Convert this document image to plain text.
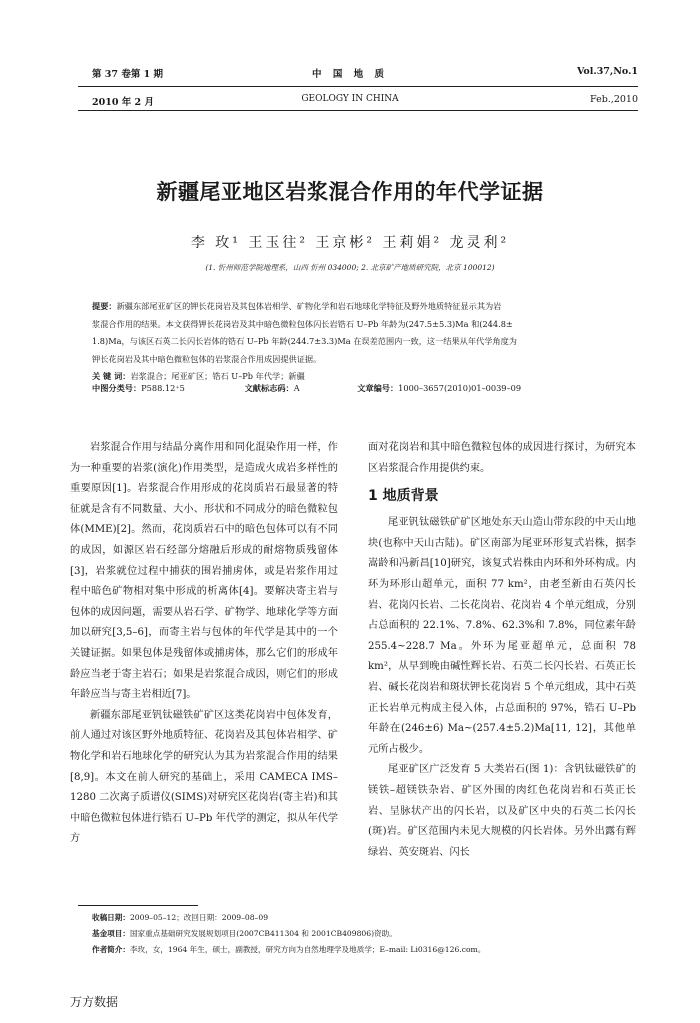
第 37 卷第 1 期
2010 年 2 月
中 国 地 质
GEOLOGY IN CHINA
Vol.37,No.1
Feb.,2010
新疆尾亚地区岩浆混合作用的年代学证据
李 玫¹ 王玉往² 王京彬² 王莉娟² 龙灵利²
(1. 忻州师范学院地理系，山西 忻州 034000; 2. 北京矿产地质研究院，北京 100012)
提要：新疆东部尾亚矿区的钾长花岗岩及其包体岩相学、矿物化学和岩石地球化学特征及野外地质特征显示其为岩
浆混合作用的结果。本文获得钾长花岗岩及其中暗色微粒包体闪长岩锆石 U–Pb 年龄为(247.5±5.3)Ma 和(244.8±
1.8)Ma，与该区石英二长闪长岩体的锆石 U–Pb 年龄(244.7±3.3)Ma 在误差范围内一致，这一结果从年代学角度为
钾长花岗岩及其中暗色微粒包体的岩浆混合作用成因提供证据。
关 键 词：岩浆混合；尾亚矿区；锆石 U–Pb 年代学；新疆
中图分类号：P588.12⁺5	文献标志码：A	文章编号：1000–3657(2010)01–0039–09

岩浆混合作用与结晶分离作用和同化混染作用一样，作为一种重要的岩浆(演化)作用类型，是造成火成岩多样性的重要原因[1]。岩浆混合作用形成的花岗质岩石最显著的特征就是含有不同数量、大小、形状和不同成分的暗色微粒包体(MME)[2]。然而，花岗质岩石中的暗色包体可以有不同的成因，如源区岩石经部分熔融后形成的耐熔物质残留体[3]，岩浆就位过程中捕获的围岩捕虏体，或是岩浆作用过程中暗色矿物相对集中形成的析离体[4]。要解决寄主岩与包体的成因问题，需要从岩石学、矿物学、地球化学等方面加以研究[3,5–6]，而寄主岩与包体的年代学是其中的一个关键证据。如果包体是残留体或捕虏体，那么它们的形成年龄应当老于寄主岩石；如果是岩浆混合成因，则它们的形成年龄应当与寄主岩相近[7]。

新疆东部尾亚钒钛磁铁矿矿区这类花岗岩中包体发育，前人通过对该区野外地质特征、花岗岩及其包体岩相学、矿物化学和岩石地球化学的研究认为其为岩浆混合作用的结果[8,9]。本文在前人研究的基础上，采用 CAMECA IMS–1280 二次离子质谱仪(SIMS)对研究区花岗岩(寄主岩)和其中暗色微粒包体进行锆石 U–Pb 年代学的测定，拟从年代学方

面对花岗岩和其中暗色微粒包体的成因进行探讨，为研究本区岩浆混合作用提供约束。

1 地质背景

尾亚钒钛磁铁矿矿区地处东天山造山带东段的中天山地块(也称中天山古陆)。矿区南部为尾亚环形复式岩株，据李嵩龄和冯新昌[10]研究，该复式岩株由内环和外环构成。内环为环形山超单元，面积 77 km²，由老至新由石英闪长岩、花岗闪长岩、二长花岗岩、花岗岩 4 个单元组成，分别占总面积的 22.1%、7.8%、62.3%和 7.8%，同位素年龄 255.4~228.7 Ma。外环为尾亚超单元，总面积 78 km²，从早到晚由碱性辉长岩、石英二长闪长岩、石英正长岩、碱长花岗岩和斑状钾长花岗岩 5 个单元组成，其中石英正长岩单元构成主侵入体，占总面积的 97%，锆石 U–Pb 年龄在(246±6) Ma~(257.4±5.2)Ma[11, 12]，其他单元所占极少。

尾亚矿区广泛发育 5 大类岩石(图 1)：含钒钛磁铁矿的镁铁–超镁铁杂岩、矿区外围的肉红色花岗岩和石英正长岩、呈脉状产出的闪长岩，以及矿区中央的石英二长闪长(斑)岩。矿区范围内未见大规模的闪长岩体。另外出露有辉绿岩、英安斑岩、闪长

收稿日期：2009–05–12；改回日期：2009–08–09
基金项目：国家重点基础研究发展规划项目(2007CB411304 和 2001CB409806)资助。
作者简介：李玫，女，1964 年生，硕士，副教授，研究方向为自然地理学及地质学；E–mail: Li0316@126.com。
万方数据
